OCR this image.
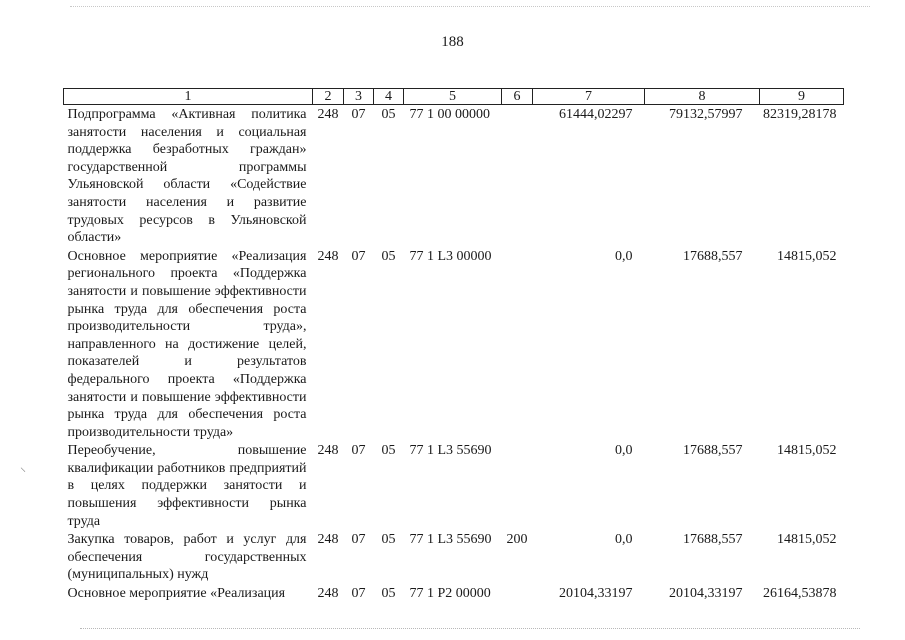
188
1	2	3	4	5	6	7	8	9
Подпрограмма «Активная политика занятости населения и социальная поддержка безработных граждан» государственной программы Ульяновской области «Содействие занятости населения и развитие трудовых ресурсов в Ульяновской области»	248	07	05	77 1 00 00000		61444,02297	79132,57997	82319,28178
Основное мероприятие «Реализация регионального проекта «Поддержка занятости и повышение эффективности рынка труда для обеспечения роста производительности труда», направленного на достижение целей, показателей и результатов федерального проекта «Поддержка занятости и повышение эффективности рынка труда для обеспечения роста производительности труда»	248	07	05	77 1 L3 00000		0,0	17688,557	14815,052
Переобучение, повышение квалификации работников предприятий в целях поддержки занятости и повышения эффективности рынка труда	248	07	05	77 1 L3 55690		0,0	17688,557	14815,052
Закупка товаров, работ и услуг для обеспечения государственных (муниципальных) нужд	248	07	05	77 1 L3 55690	200	0,0	17688,557	14815,052
Основное мероприятие «Реализация	248	07	05	77 1 P2 00000		20104,33197	20104,33197	26164,53878
⸜
